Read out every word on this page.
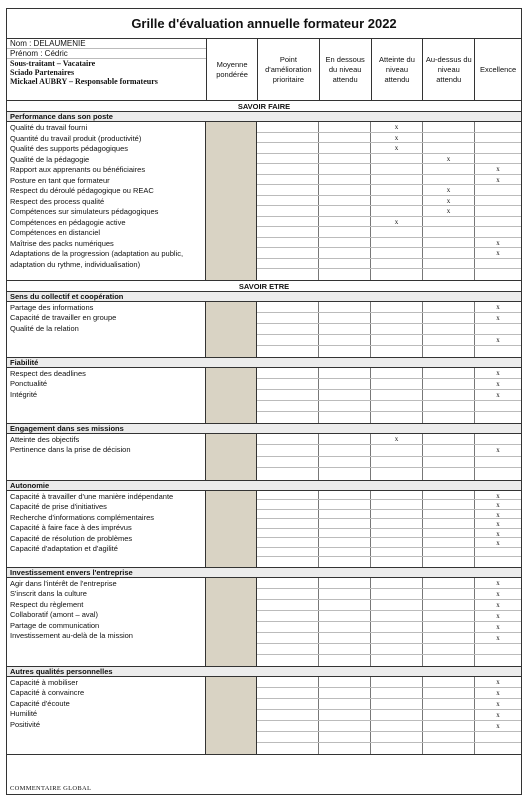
Grille d'évaluation annuelle formateur 2022
Nom : DELAUMENIE
Prénom : Cédric
Sous-traitant – Vacataire
Sciado Partenaires
Mickael AUBRY – Responsable formateurs
Moyenne pondérée
Point d'amélioration prioritaire
En dessous du niveau attendu
Atteinte du niveau attendu
Au-dessus du niveau attendu
Excellence
SAVOIR FAIRE
Performance dans son poste
Qualité du travail fourni
Quantité du travail produit (productivité)
Qualité des supports pédagogiques
Qualité de la pédagogie
Rapport aux apprenants ou bénéficiaires
Posture en tant que formateur
Respect du déroulé pédagogique ou REAC
Respect des process qualité
Compétences sur simulateurs pédagogiques
Compétences en pédagogie active
Compétences en distanciel
Maîtrise des packs numériques
Adaptations de la progression (adaptation au public, adaptation du rythme, individualisation)
x
x
x
x
x
x
x
x
x
x
x
x
SAVOIR ETRE
Sens du collectif et coopération
Partage des informations
Capacité de travailler en groupe
Qualité de la relation
x
x
x
Fiabilité
Respect des deadlines
Ponctualité
Intégrité
x
x
x
Engagement dans ses missions
Atteinte des objectifs
Pertinence dans la prise de décision
x
x
Autonomie
Capacité à travailler d'une manière indépendante Capacité de prise d'initiatives
Recherche d'informations complémentaires
Capacité à faire face à des imprévus
Capacité de résolution de problèmes
Capacité d'adaptation et d'agilité
x
x
x
x
x
x
Investissement envers l'entreprise
Agir dans l'intérêt de l'entreprise
S'inscrit dans la culture
Respect du règlement
Collaboratif (amont – aval)
Partage de communication
Investissement au-delà de la mission
x
x
x
x
x
x
Autres qualités personnelles
Capacité à mobiliser
Capacité à convaincre
Capacité d'écoute
Humilité
Positivité
x
x
x
x
x
COMMENTAIRE GLOBAL
